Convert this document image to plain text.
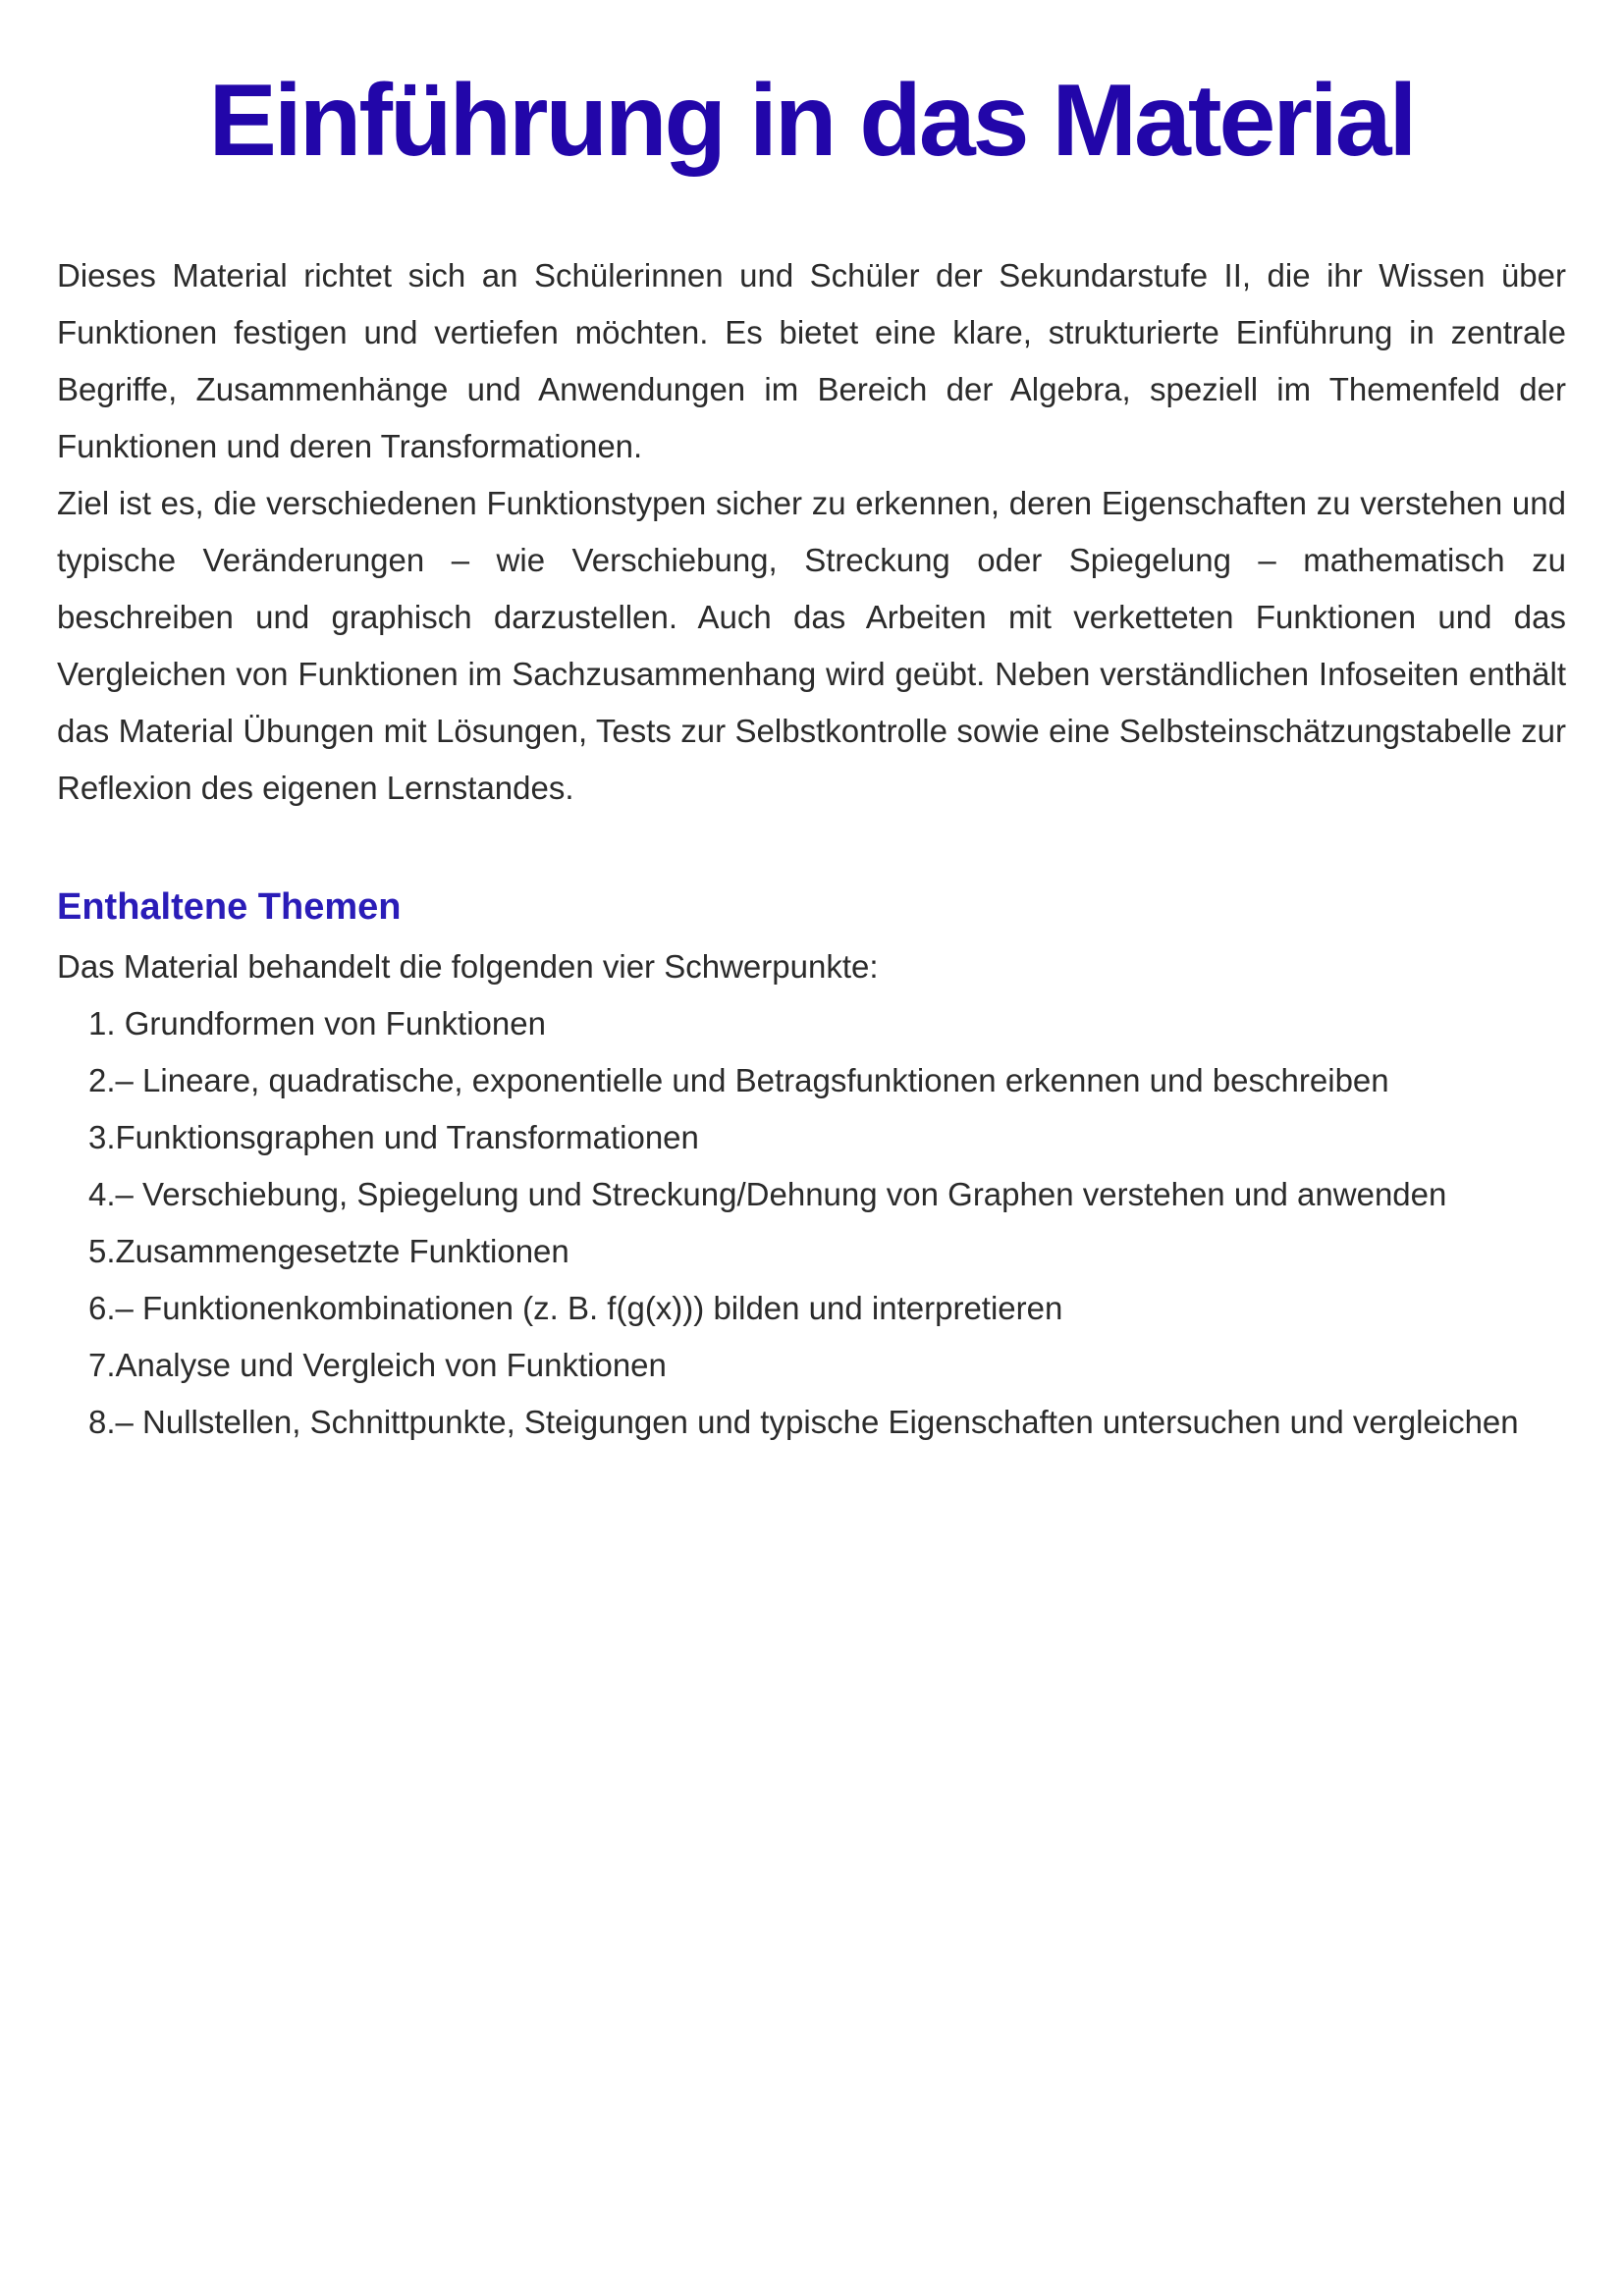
Einführung in das Material

Dieses Material richtet sich an Schülerinnen und Schüler der Sekundarstufe II, die ihr Wissen über Funktionen festigen und vertiefen möchten. Es bietet eine klare, strukturierte Einführung in zentrale Begriffe, Zusammenhänge und Anwendungen im Bereich der Algebra, speziell im Themenfeld der Funktionen und deren Transformationen.

Ziel ist es, die verschiedenen Funktionstypen sicher zu erkennen, deren Eigenschaften zu verstehen und typische Veränderungen – wie Verschiebung, Streckung oder Spiegelung – mathematisch zu beschreiben und graphisch darzustellen. Auch das Arbeiten mit verketteten Funktionen und das Vergleichen von Funktionen im Sachzusammenhang wird geübt. Neben verständlichen Infoseiten enthält das Material Übungen mit Lösungen, Tests zur Selbstkontrolle sowie eine Selbsteinschätzungstabelle zur Reflexion des eigenen Lernstandes.

Enthaltene Themen

Das Material behandelt die folgenden vier Schwerpunkte:

1. Grundformen von Funktionen
2.– Lineare, quadratische, exponentielle und Betragsfunktionen erkennen und beschreiben
3.Funktionsgraphen und Transformationen
4.– Verschiebung, Spiegelung und Streckung/Dehnung von Graphen verstehen und anwenden
5.Zusammengesetzte Funktionen
6.– Funktionenkombinationen (z. B. f(g(x))) bilden und interpretieren
7.Analyse und Vergleich von Funktionen
8.– Nullstellen, Schnittpunkte, Steigungen und typische Eigenschaften untersuchen und vergleichen
